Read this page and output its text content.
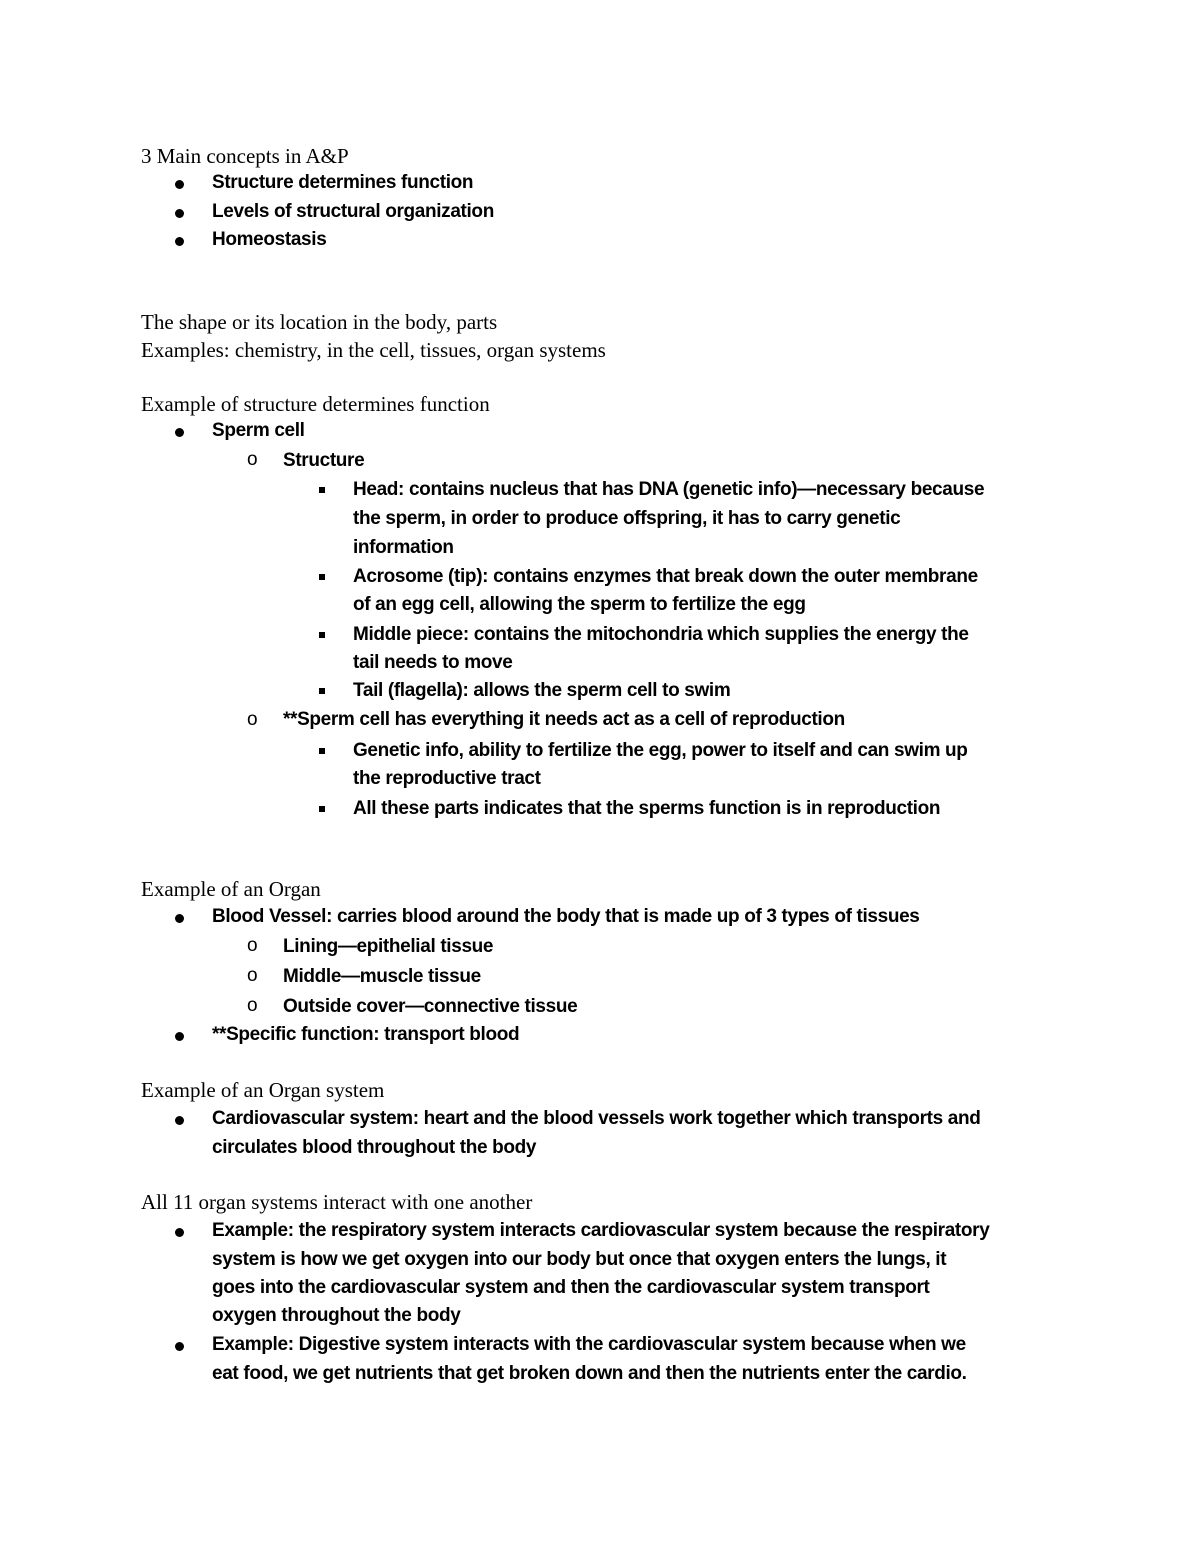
3 Main concepts in A&P
Structure determines function
Levels of structural organization
Homeostasis
The shape or its location in the body, parts
Examples: chemistry, in the cell, tissues, organ systems
Example of structure determines function
Sperm cell
o Structure
Head: contains nucleus that has DNA (genetic info)—necessary because
the sperm, in order to produce offspring, it has to carry genetic
information
Acrosome (tip): contains enzymes that break down the outer membrane
of an egg cell, allowing the sperm to fertilize the egg
Middle piece: contains the mitochondria which supplies the energy the
tail needs to move
Tail (flagella): allows the sperm cell to swim
o **Sperm cell has everything it needs act as a cell of reproduction
Genetic info, ability to fertilize the egg, power to itself and can swim up
the reproductive tract
All these parts indicates that the sperms function is in reproduction
Example of an Organ
Blood Vessel: carries blood around the body that is made up of 3 types of tissues
o Lining—epithelial tissue
o Middle—muscle tissue
o Outside cover—connective tissue
**Specific function: transport blood
Example of an Organ system
Cardiovascular system: heart and the blood vessels work together which transports and
circulates blood throughout the body
All 11 organ systems interact with one another
Example: the respiratory system interacts cardiovascular system because the respiratory
system is how we get oxygen into our body but once that oxygen enters the lungs, it
goes into the cardiovascular system and then the cardiovascular system transport
oxygen throughout the body
Example: Digestive system interacts with the cardiovascular system because when we
eat food, we get nutrients that get broken down and then the nutrients enter the cardio.
